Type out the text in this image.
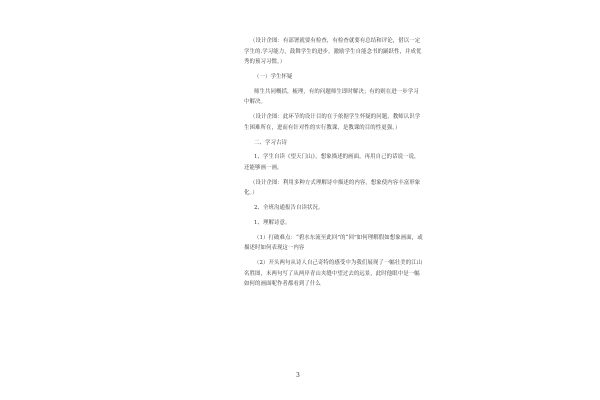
（设计企图：有部署就要有检查，有检查就要有总结和评论，借以一定学生的.学习能力，鼓舞学生的进步，激励学生自能念书的踊跃性，并成优秀的预习习惯。）

（一）学生怀疑

师生共同概括，梳理，有的问题师生即时解决；有的则在进一步学习中解决。

（设计企图：此环节的设计目的在于依据学生怀疑的问题，教师认识学生困难所在，进而有针对性的实行教课，是教课的目的性更强。）

二、学习古诗

1、学生自读《望天门山》，想象描述的画面，再用自己的话说一说，还能够画一画。

（设计企图：利用多种方式理解诗中描述的内容，想象使内容丰富形象化。）

2、全班沟通报告自读状况。

1、理解诗意。

（1）打破难点：“碧水东流至此回”的“回”如何理解假如想象画面，或描述时如何表现这一内容

（2）开头两句从诗人自己奇特的感受中为我们展现了一幅壮美的江山名胜图，末两句写了从两岸青山夹缝中望过去的远景，此时他眼中是一幅如何的画面呢作者都看到了什么

3
